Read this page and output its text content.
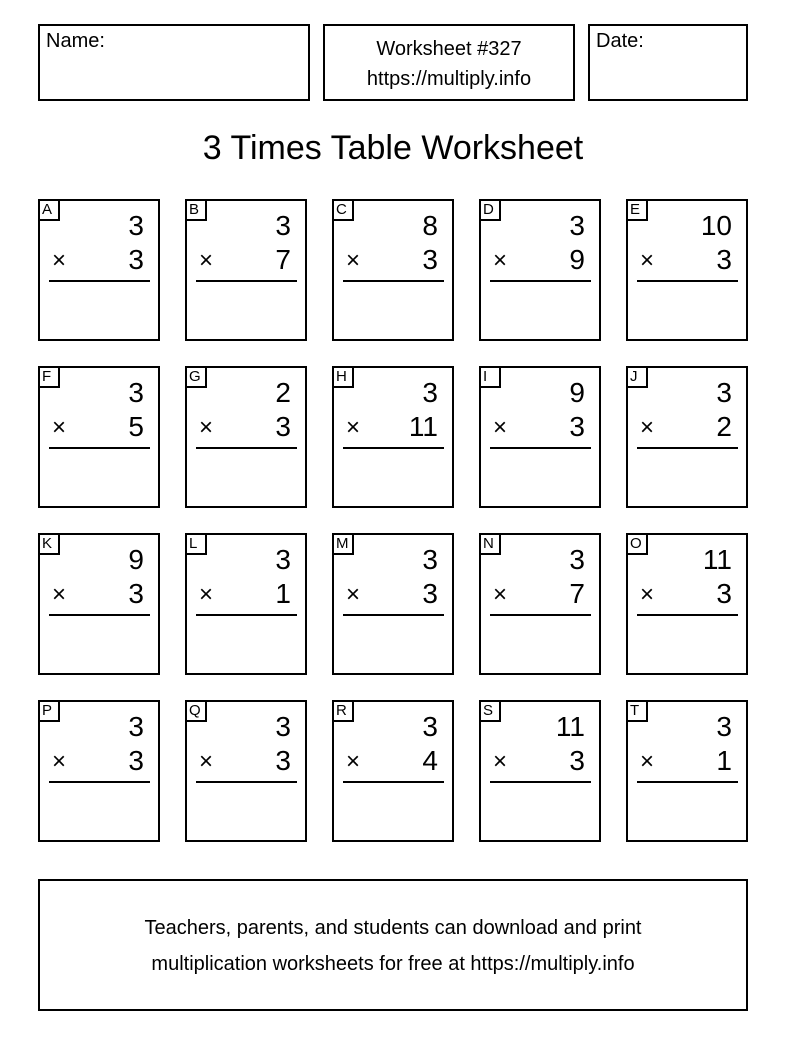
Name:	Worksheet #327
https://multiply.info
Date:
3 Times Table Worksheet
A
3
× 3
B
3
× 7
C
8
× 3
D
3
× 9
E
10
× 3
F
3
× 5
G
2
× 3
H
3
× 11
I
9
× 3
J
3
× 2
K
9
× 3
L
3
× 1
M
3
× 3
N
3
× 7
O
11
× 3
P
3
× 3
Q
3
× 3
R
3
× 4
S
11
× 3
T
3
× 1
Teachers, parents, and students can download and print
multiplication worksheets for free at https://multiply.info
